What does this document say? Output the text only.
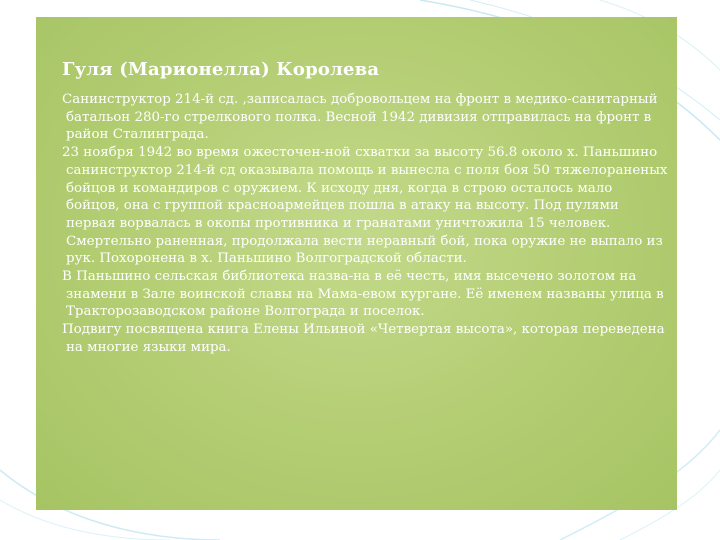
Гуля (Марионелла) Королева

Санинструктор 214-й сд. ,записалась добровольцем на фронт в медико-санитарный батальон 280-го стрелкового полка. Весной 1942 дивизия отправилась на фронт в район Сталинграда.

23 ноября 1942 во время ожесточен-ной схватки за высоту 56.8 около х. Паньшино санинструктор 214-й сд оказывала помощь и вынесла с поля боя 50 тяжелораненых бойцов и командиров с оружием. К исходу дня, когда в строю осталось мало бойцов, она с группой красноармейцев пошла в атаку на высоту. Под пулями первая ворвалась в окопы противника и гранатами уничтожила 15 человек. Смертельно раненная, продолжала вести неравный бой, пока оружие не выпало из рук. Похоронена в х. Паньшино Волгоградской области.

В Паньшино сельская библиотека назва-на в её честь, имя высечено золотом на знамени в Зале воинской славы на Мама-евом кургане. Её именем названы улица в Тракторозаводском районе Волгограда и поселок.

Подвигу посвящена книга Елены Ильиной «Четвертая высота», которая переведена на многие языки мира.
